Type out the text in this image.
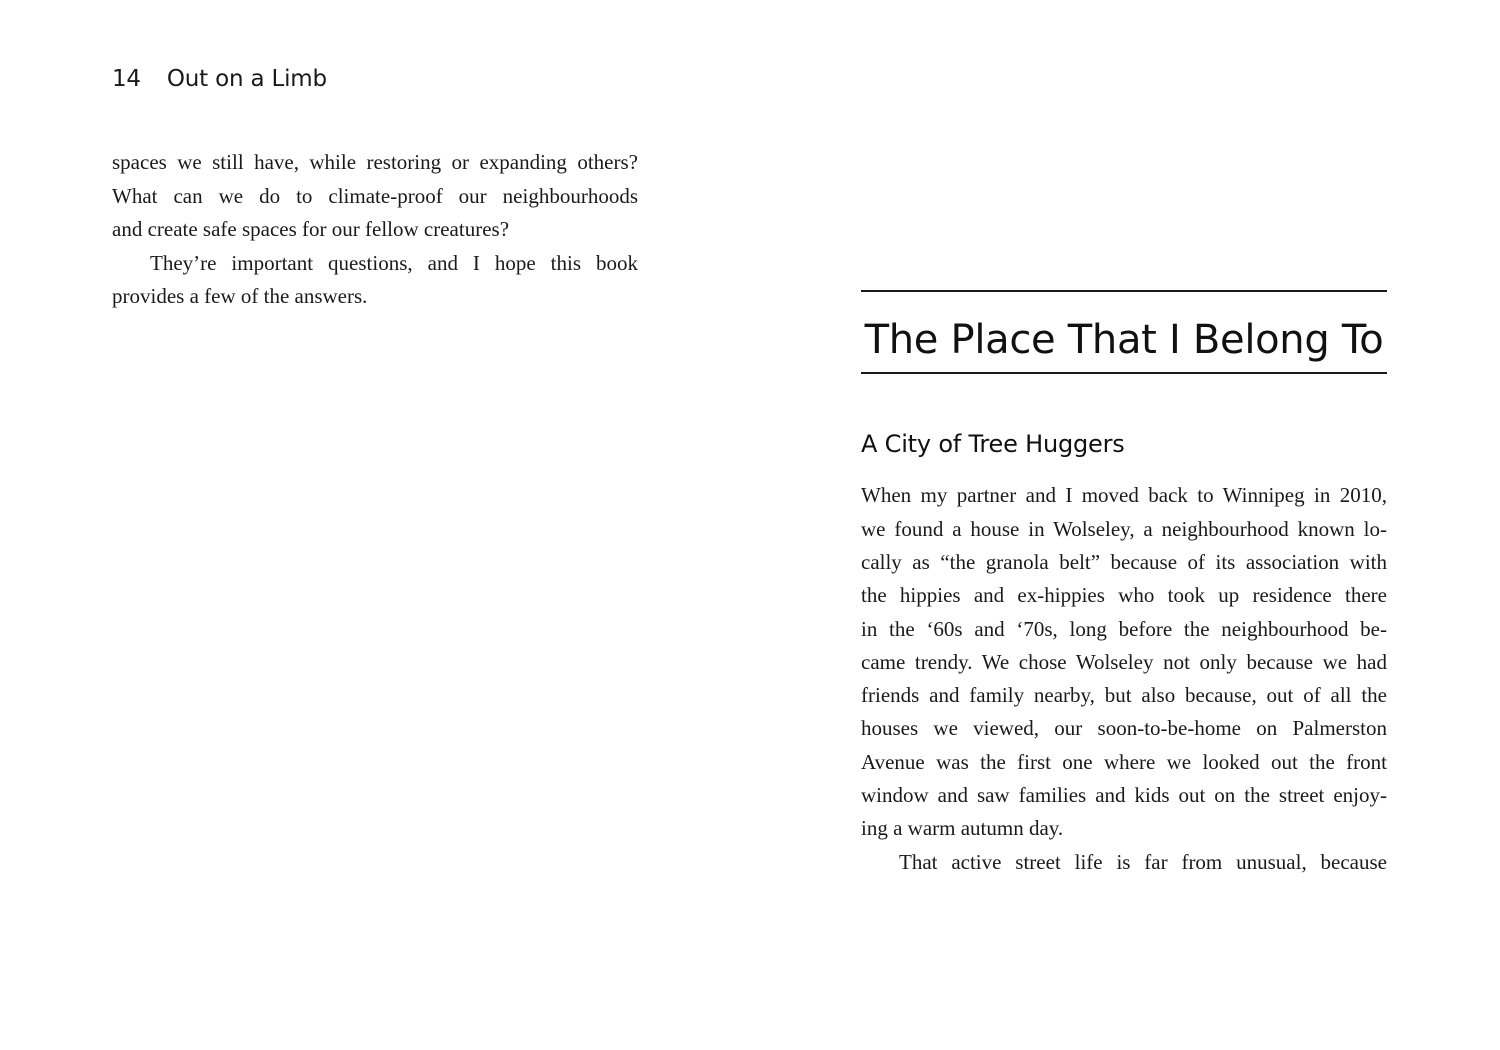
14 Out on a Limb
spaces we still have, while restoring or expanding others?
What can we do to climate-proof our neighbourhoods
and create safe spaces for our fellow creatures?
They’re important questions, and I hope this book
provides a few of the answers.
The Place That I Belong To
A City of Tree Huggers
When my partner and I moved back to Winnipeg in 2010,
we found a house in Wolseley, a neighbourhood known lo-
cally as “the granola belt” because of its association with
the hippies and ex-hippies who took up residence there
in the ‘60s and ‘70s, long before the neighbourhood be-
came trendy. We chose Wolseley not only because we had
friends and family nearby, but also because, out of all the
houses we viewed, our soon-to-be-home on Palmerston
Avenue was the first one where we looked out the front
window and saw families and kids out on the street enjoy-
ing a warm autumn day.
That active street life is far from unusual, because
